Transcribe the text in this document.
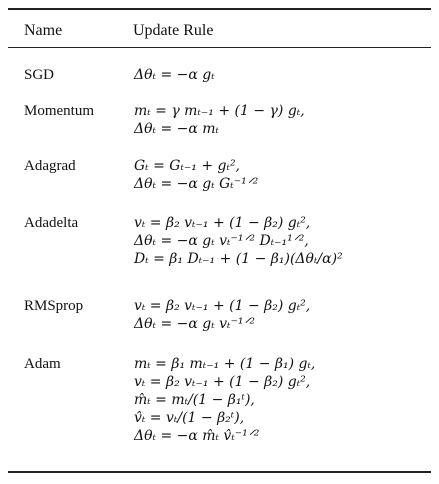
Name	Update Rule
SGD	Δθₜ = −α gₜ
Momentum	mₜ = γ mₜ₋₁ + (1 − γ) gₜ,
Δθₜ = −α mₜ
Adagrad	Gₜ = Gₜ₋₁ + gₜ²,
Δθₜ = −α gₜ Gₜ⁻¹ᐟ²
Adadelta	vₜ = β₂ vₜ₋₁ + (1 − β₂) gₜ²,
Δθₜ = −α gₜ vₜ⁻¹ᐟ² Dₜ₋₁¹ᐟ²,
Dₜ = β₁ Dₜ₋₁ + (1 − β₁)(Δθₜ/α)²
RMSprop	vₜ = β₂ vₜ₋₁ + (1 − β₂) gₜ²,
Δθₜ = −α gₜ vₜ⁻¹ᐟ²
Adam	mₜ = β₁ mₜ₋₁ + (1 − β₁) gₜ,
vₜ = β₂ vₜ₋₁ + (1 − β₂) gₜ²,
m̂ₜ = mₜ/(1 − β₁ᵗ),
v̂ₜ = vₜ/(1 − β₂ᵗ),
Δθₜ = −α m̂ₜ v̂ₜ⁻¹ᐟ²
